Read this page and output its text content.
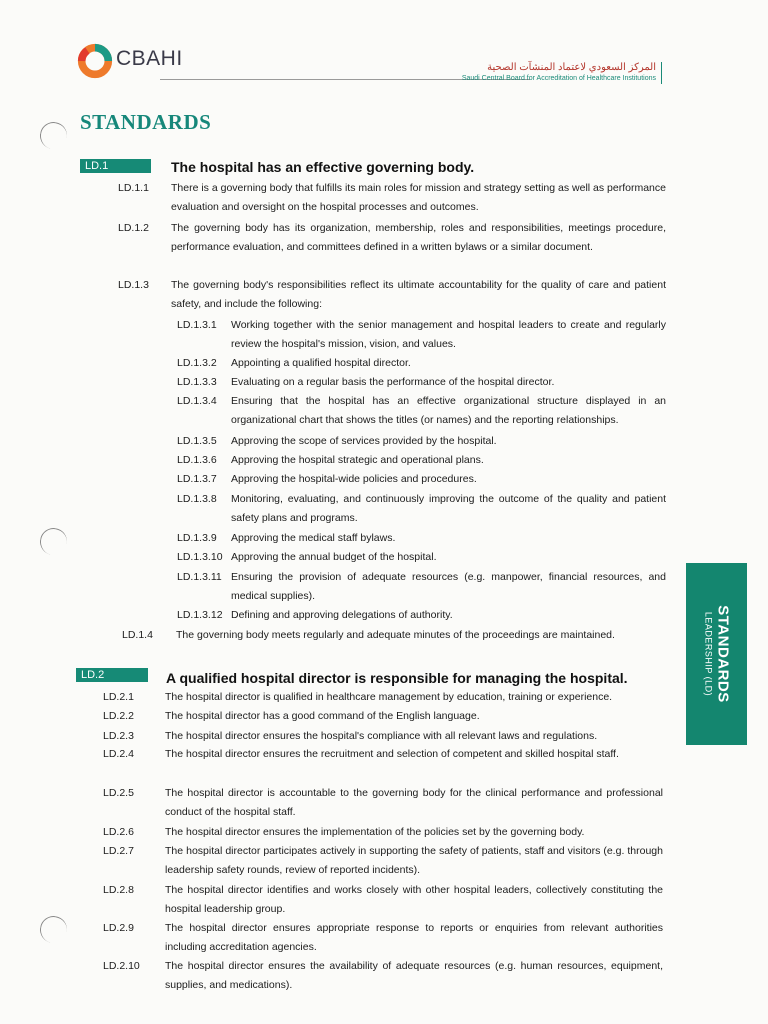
CBAHI	المركز السعودي لاعتماد المنشآت الصحية
Saudi Central Board for Accreditation of Healthcare Institutions
STANDARDS
STANDARDS
LEADERSHIP (LD)
LD.1	The hospital has an effective governing body.
LD.1.1 There is a governing body that fulfills its main roles for mission and strategy setting as well as performance evaluation and oversight on the hospital processes and outcomes.
LD.1.2 The governing body has its organization, membership, roles and responsibilities, meetings procedure, performance evaluation, and committees defined in a written bylaws or a similar document.
LD.1.3 The governing body's responsibilities reflect its ultimate accountability for the quality of care and patient safety, and include the following:
LD.1.3.1 Working together with the senior management and hospital leaders to create and regularly review the hospital's mission, vision, and values.
LD.1.3.2 Appointing a qualified hospital director.
LD.1.3.3 Evaluating on a regular basis the performance of the hospital director.
LD.1.3.4 Ensuring that the hospital has an effective organizational structure displayed in an organizational chart that shows the titles (or names) and the reporting relationships.
LD.1.3.5 Approving the scope of services provided by the hospital.
LD.1.3.6 Approving the hospital strategic and operational plans.
LD.1.3.7 Approving the hospital-wide policies and procedures.
LD.1.3.8 Monitoring, evaluating, and continuously improving the outcome of the quality and patient safety plans and programs.
LD.1.3.9 Approving the medical staff bylaws.
LD.1.3.10 Approving the annual budget of the hospital.
LD.1.3.11 Ensuring the provision of adequate resources (e.g. manpower, financial resources, and medical supplies).
LD.1.3.12 Defining and approving delegations of authority.
LD.1.4 The governing body meets regularly and adequate minutes of the proceedings are maintained.
LD.2	A qualified hospital director is responsible for managing the hospital.
LD.2.1	The hospital director is qualified in healthcare management by education, training or experience.
LD.2.2	The hospital director has a good command of the English language.
LD.2.3	The hospital director ensures the hospital's compliance with all relevant laws and regulations.
LD.2.4	The hospital director ensures the recruitment and selection of competent and skilled hospital staff.
LD.2.5	The hospital director is accountable to the governing body for the clinical performance and professional conduct of the hospital staff.
LD.2.6	The hospital director ensures the implementation of the policies set by the governing body.
LD.2.7	The hospital director participates actively in supporting the safety of patients, staff and visitors (e.g. through leadership safety rounds, review of reported incidents).
LD.2.8	The hospital director identifies and works closely with other hospital leaders, collectively constituting the hospital leadership group.
LD.2.9	The hospital director ensures appropriate response to reports or enquiries from relevant authorities including accreditation agencies.
LD.2.10 The hospital director ensures the availability of adequate resources (e.g. human resources, equipment, supplies, and medications).
